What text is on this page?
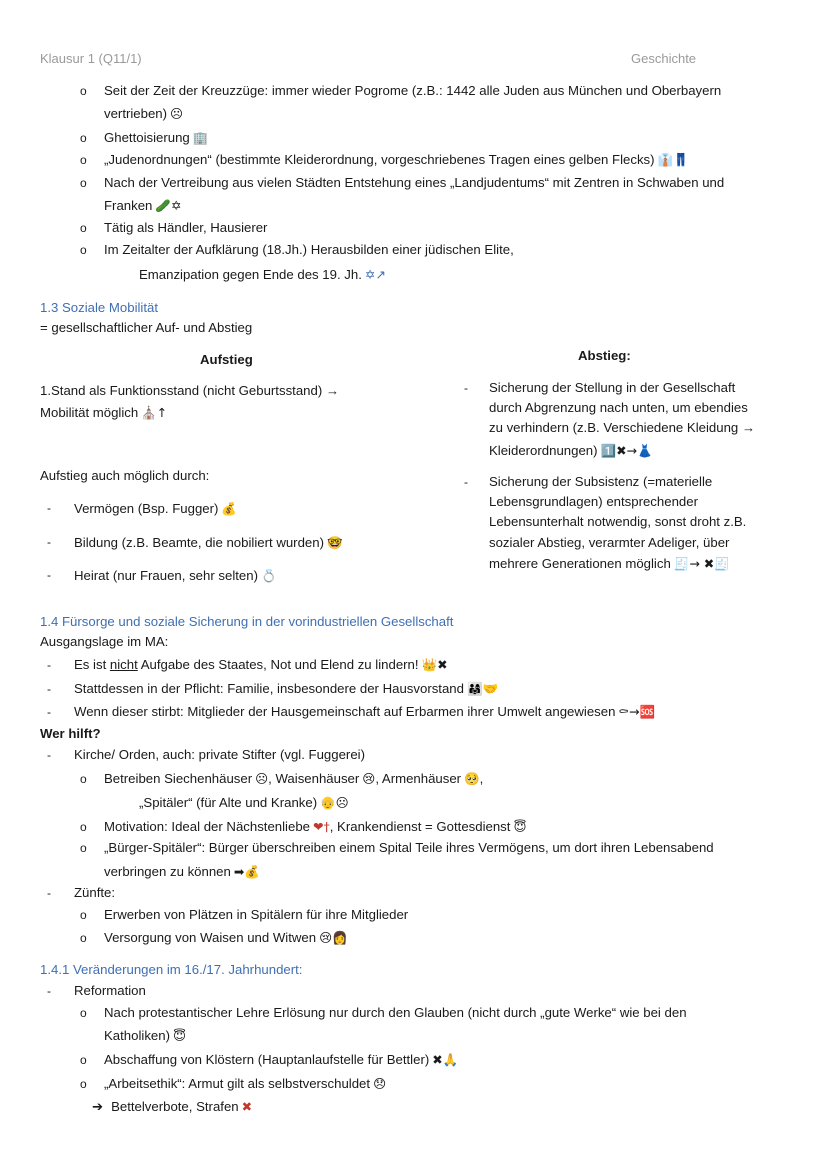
Klausur 1 (Q11/1)	Geschichte
o Seit der Zeit der Kreuzzüge: immer wieder Pogrome (z.B.: 1442 alle Juden aus München und Oberbayern
vertrieben) ☹
o Ghettoisierung 🏢
o „Judenordnungen“ (bestimmte Kleiderordnung, vorgeschriebenes Tragen eines gelben Flecks) 👔👖
o Nach der Vertreibung aus vielen Städten Entstehung eines „Landjudentums“ mit Zentren in Schwaben und
Franken 🥒✡
o Tätig als Händler, Hausierer
o Im Zeitalter der Aufklärung (18.Jh.) Herausbilden einer jüdischen Elite,
Emanzipation gegen Ende des 19. Jh. ✡↗
1.3 Soziale Mobilität
= gesellschaftlicher Auf- und Abstieg
Aufstieg	Abstieg:
1.Stand als Funktionsstand (nicht Geburtsstand) →
Mobilität möglich ⛪↑
Aufstieg auch möglich durch:
- Vermögen (Bsp. Fugger) 💰
- Bildung (z.B. Beamte, die nobiliert wurden) 🤓
- Heirat (nur Frauen, sehr selten) 💍
- Sicherung der Stellung in der Gesellschaft
durch Abgrenzung nach unten, um ebendies
zu verhindern (z.B. Verschiedene Kleidung →
Kleiderordnungen) 1️⃣✖→👗
- Sicherung der Subsistenz (=materielle
Lebensgrundlagen) entsprechender
Lebensunterhalt notwendig, sonst droht z.B.
sozialer Abstieg, verarmter Adeliger, über
mehrere Generationen möglich 🧾→ ✖🧾
1.4 Fürsorge und soziale Sicherung in der vorindustriellen Gesellschaft
Ausgangslage im MA:
- Es ist nicht Aufgabe des Staates, Not und Elend zu lindern! 👑✖
- Stattdessen in der Pflicht: Familie, insbesondere der Hausvorstand 👨‍👩‍👧🤝
- Wenn dieser stirbt: Mitglieder der Hausgemeinschaft auf Erbarmen ihrer Umwelt angewiesen ⚰→🆘
Wer hilft?
- Kirche/ Orden, auch: private Stifter (vgl. Fuggerei)
o Betreiben Siechenhäuser ☹, Waisenhäuser 😢, Armenhäuser 🥺,
„Spitäler“ (für Alte und Kranke) 👴☹
o Motivation: Ideal der Nächstenliebe ❤†, Krankendienst = Gottesdienst 😇
o „Bürger-Spitäler“: Bürger überschreiben einem Spital Teile ihres Vermögens, um dort ihren Lebensabend
verbringen zu können ➡💰
- Zünfte:
o Erwerben von Plätzen in Spitälern für ihre Mitglieder
o Versorgung von Waisen und Witwen 😢👩
1.4.1 Veränderungen im 16./17. Jahrhundert:
- Reformation
o Nach protestantischer Lehre Erlösung nur durch den Glauben (nicht durch „gute Werke“ wie bei den
Katholiken) 😇
o Abschaffung von Klöstern (Hauptanlaufstelle für Bettler) ✖🙏
o „Arbeitsethik“: Armut gilt als selbstverschuldet 😞
➔ Bettelverbote, Strafen ✖
